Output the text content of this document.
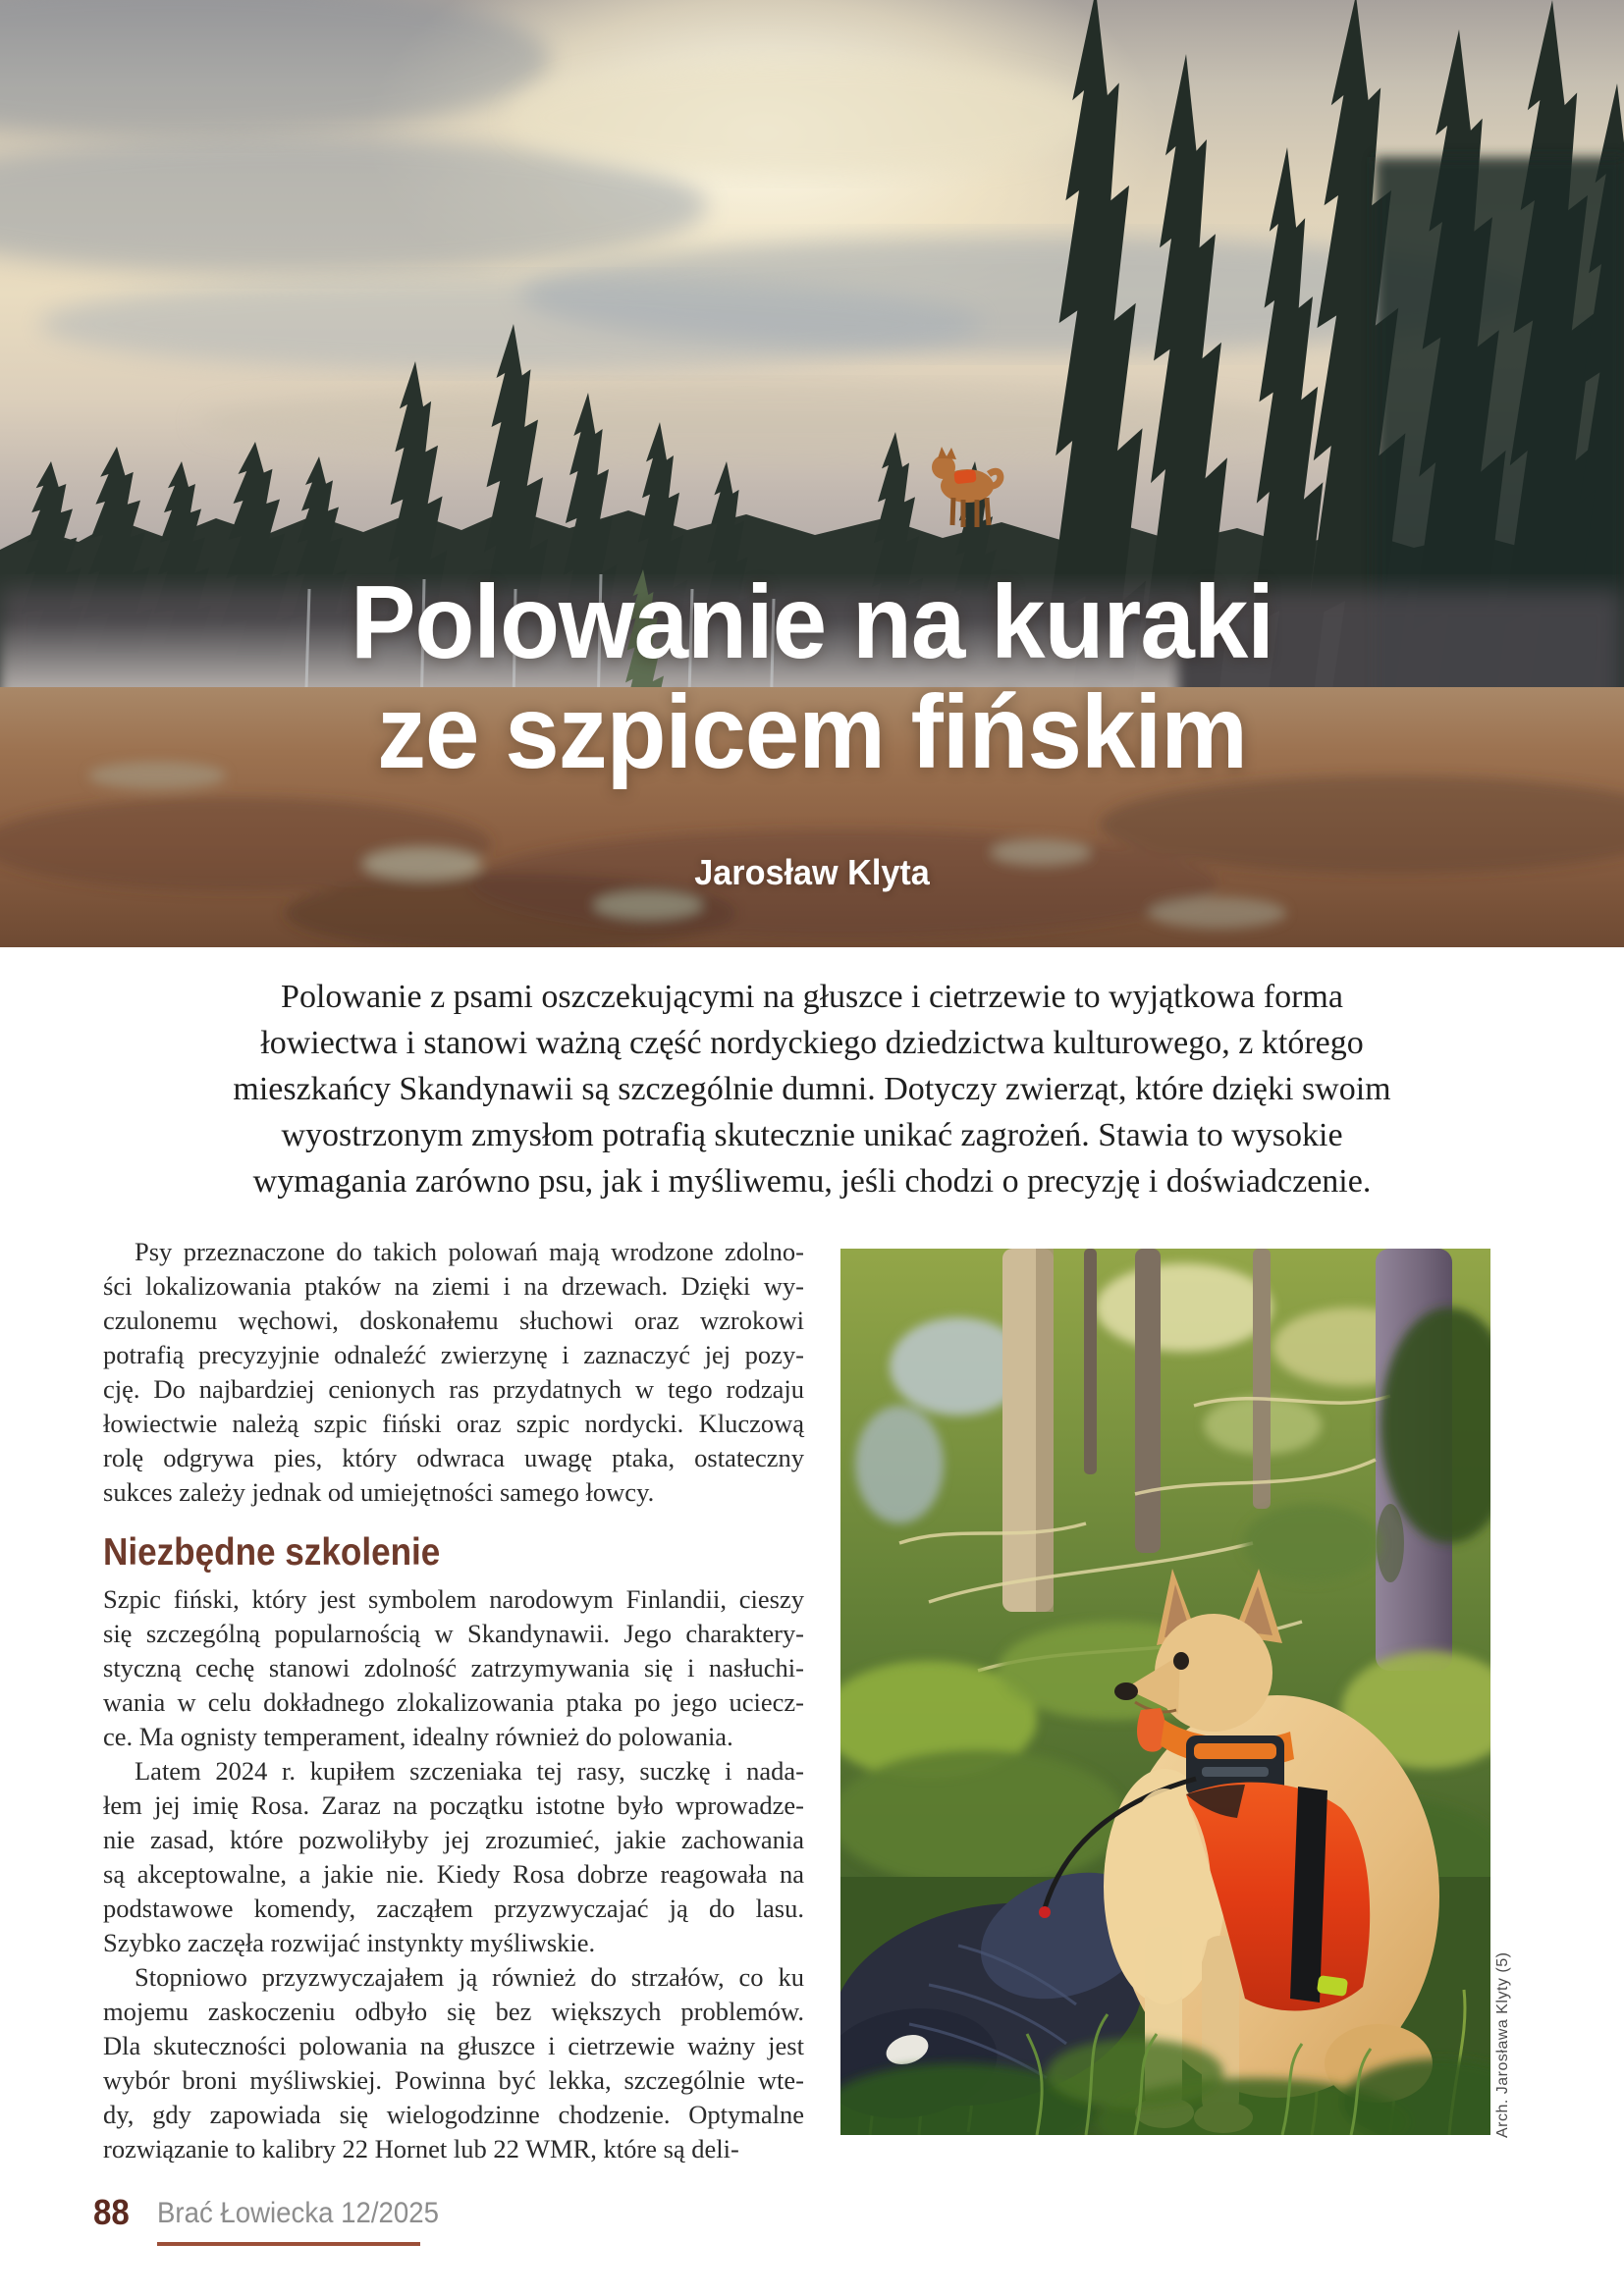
Polowanie na kuraki
ze szpicem fińskim
Jarosław Klyta
Polowanie z psami oszczekującymi na głuszce i cietrzewie to wyjątkowa forma
łowiectwa i stanowi ważną część nordyckiego dziedzictwa kulturowego, z którego
mieszkańcy Skandynawii są szczególnie dumni. Dotyczy zwierząt, które dzięki swoim
wyostrzonym zmysłom potrafią skutecznie unikać zagrożeń. Stawia to wysokie
wymagania zarówno psu, jak i myśliwemu, jeśli chodzi o precyzję i doświadczenie.
Psy przeznaczone do takich polowań mają wrodzone zdolno-
ści lokalizowania ptaków na ziemi i na drzewach. Dzięki wy-
czulonemu węchowi, doskonałemu słuchowi oraz wzrokowi
potrafią precyzyjnie odnaleźć zwierzynę i zaznaczyć jej pozy-
cję. Do najbardziej cenionych ras przydatnych w tego rodzaju
łowiectwie należą szpic fiński oraz szpic nordycki. Kluczową
rolę odgrywa pies, który odwraca uwagę ptaka, ostateczny
sukces zależy jednak od umiejętności samego łowcy.
Niezbędne szkolenie
Szpic fiński, który jest symbolem narodowym Finlandii, cieszy
się szczególną popularnością w Skandynawii. Jego charaktery-
styczną cechę stanowi zdolność zatrzymywania się i nasłuchi-
wania w celu dokładnego zlokalizowania ptaka po jego uciecz-
ce. Ma ognisty temperament, idealny również do polowania.
Latem 2024 r. kupiłem szczeniaka tej rasy, suczkę i nada-
łem jej imię Rosa. Zaraz na początku istotne było wprowadze-
nie zasad, które pozwoliłyby jej zrozumieć, jakie zachowania
są akceptowalne, a jakie nie. Kiedy Rosa dobrze reagowała na
podstawowe komendy, zacząłem przyzwyczajać ją do lasu.
Szybko zaczęła rozwijać instynkty myśliwskie.
Stopniowo przyzwyczajałem ją również do strzałów, co ku
mojemu zaskoczeniu odbyło się bez większych problemów.
Dla skuteczności polowania na głuszce i cietrzewie ważny jest
wybór broni myśliwskiej. Powinna być lekka, szczególnie wte-
dy, gdy zapowiada się wielogodzinne chodzenie. Optymalne
rozwiązanie to kalibry 22 Hornet lub 22 WMR, które są deli-
Arch. Jarosława Klyty (5)
88 Brać Łowiecka 12/2025
